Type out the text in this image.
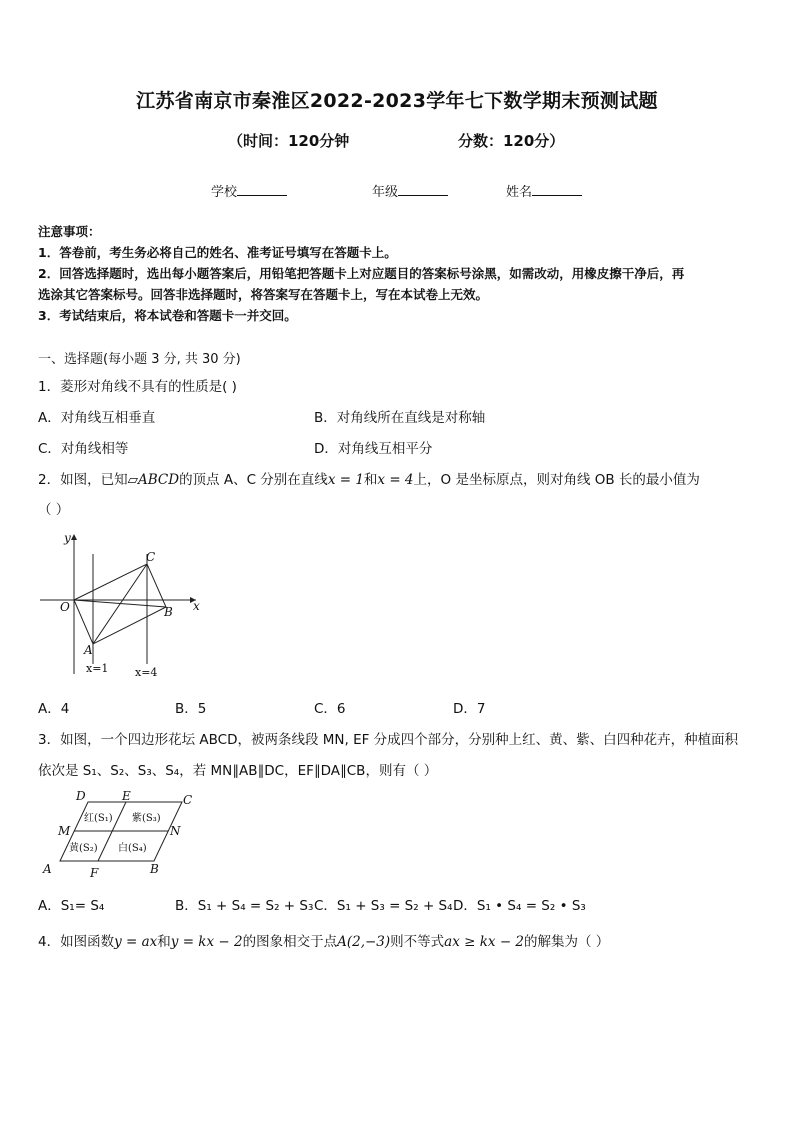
江苏省南京市秦淮区2022-2023学年七下数学期末预测试题
（时间：120分钟	分数：120分）
学校	年级	姓名
注意事项：
1．答卷前，考生务必将自己的姓名、准考证号填写在答题卡上。
2．回答选择题时，选出每小题答案后，用铅笔把答题卡上对应题目的答案标号涂黑，如需改动，用橡皮擦干净后，再
选涂其它答案标号。回答非选择题时，将答案写在答题卡上，写在本试卷上无效。
3．考试结束后，将本试卷和答题卡一并交回。
一、选择题(每小题 3 分, 共 30 分)
1．菱形对角线不具有的性质是( )
A．对角线互相垂直	B．对角线所在直线是对称轴
C．对角线相等	D．对角线互相平分
2．如图，已知▱ABCD的顶点 A、C 分别在直线x = 1和x = 4上，O 是坐标原点，则对角线 OB 长的最小值为
（ ）
y
x
O
C
B
A
x=1 x=4
A．4	B．5	C．6	D．7
3．如图，一个四边形花坛 ABCD，被两条线段 MN, EF 分成四个部分，分别种上红、黄、紫、白四种花卉，种植面积
依次是 S₁、S₂、S₃、S₄，若 MN∥AB∥DC，EF∥DA∥CB，则有（ ）
D	E	C
M	N
A	F	B
红(S₁) 紫(S₃)
黄(S₂) 白(S₄)
A．S₁= S₄	B．S₁ + S₄ = S₂ + S₃ C．S₁ + S₃ = S₂ + S₄ D．S₁ • S₄ = S₂ • S₃
4．如图函数y = ax和y = kx − 2的图象相交于点A(2,−3)则不等式ax ≥ kx − 2的解集为（ ）
